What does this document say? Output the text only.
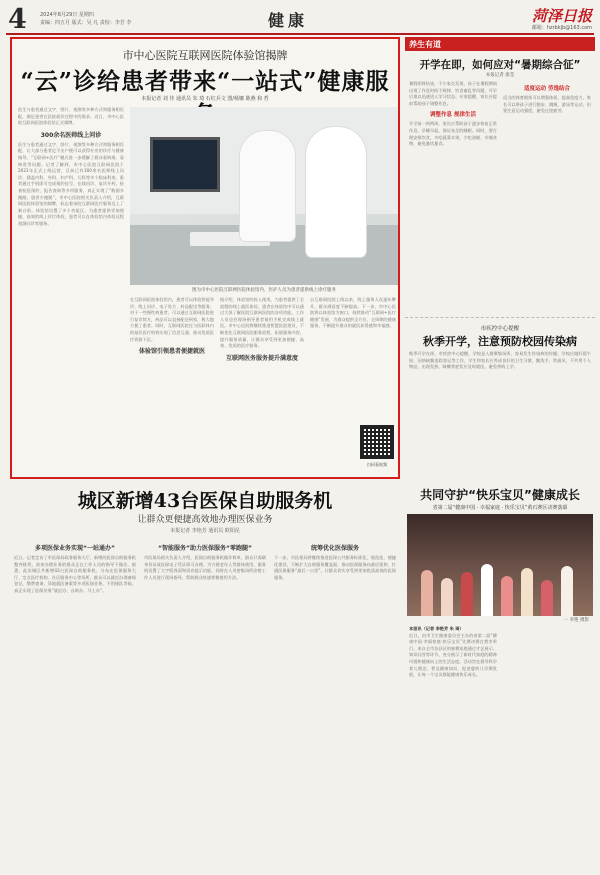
4	2024年8月29日 星期四
责编：四五月 版式：吴 凡 责校：李芳 李	健康	菏泽日报
邮箱：hzrbkjb@163.com
市中心医院互联网医院体验馆揭牌
“云”诊给患者带来“一站式”健康服
本报记者 刘 佳 通讯员 朱 琦 石红兵文 图/杨娜 陈燕 和 哲

医生与患者通过文字、图片、视频等多种方式和服务相匹配，满足患者在医院就诊过程中的需求。近日，市中心医院互联网医院体验馆正式揭牌。

300余名医师线上问诊

医生与患者通过文字、图片、视频等多种方式和服务相匹配，让大部分患者足不出户便可以获得专业的诊疗与健康指导。“互联网+医疗”模式进一步缓解了群众看病难、看病贵等问题。记者了解到，市中心医院互联网医院于2021年正式上线运营，目前已有300余名医师线上问诊，涵盖内科、外科、妇产科、儿科等多个临床科室。患者通过手机即可完成预约挂号、在线问诊、复诊开药、检查检验预约、报告查询等多项服务，真正实现了“数据多跑路，患者少跑腿”。市中心医院相关负责人介绍，互联网医院体验馆的揭牌，标志着该院互联网医疗服务迈上了新台阶。体验馆设置了多个功能区，为患者提供更加便捷、高效的线上诊疗体验，患者可以在体验馆内体验远程视频问诊等服务。

图为市中心医院互联网医院体验馆内，医护人员为患者提供线上诊疗服务

在互联网医院体验馆内，患者可以体验智能导诊、线上问诊、电子处方、药品配送等服务。对于一些慢性病患者，可以通过互联网医院进行复诊续方，药品可以直接配送到家，极大地方便了患者。同时，互联网医院还与医联体内的基层医疗机构实现了信息互通，推动优质医疗资源下沉。

体验馆引领患者便捷就医

据介绍，体验馆的投入使用，为患者提供了全流程的线上就医体验。患者在体验馆中可以通过大屏了解医院互联网医院的各项功能，工作人员也会现场指导患者使用手机完成线上就医。市中心医院将继续推进智慧医院建设，不断优化互联网医院服务流程，拓展服务内容，提升服务质量，让群众享受到更加便捷、高效、优质的医疗服务。

互联网医务服务提升满意度

自互联网医院上线以来，线上服务人次逐年攀升，群众满意度不断提高。下一步，市中心医院将以体验馆为窗口，持续推动“互联网+医疗健康”发展，为群众提供全方位、全周期的健康服务，不断提升群众的就医获得感和幸福感。

扫码看视频
养生有道
开学在即，如何应对“暑期综合征”
本报记者 康莹

暑假即将结束，不少家长发现，孩子在暑假期间出现了作息时间不规律、饮食紊乱等问题，开学后难以迅速进入学习状态。专家提醒，家长应提前帮助孩子调整作息。

调整作息 规律生活

开学前一到两周，家长应帮助孩子逐步恢复正常作息，早睡早起，保证充足的睡眠。同时，要合理安排饮食，多吃蔬菜水果，少吃油腻、辛辣食物，避免暴饮暴食。

适度运动 劳逸结合

适当的体育锻炼可以增强体质，提高免疫力，家长可以带孩子进行跑步、跳绳、游泳等运动，但要注意运动强度，避免过度疲劳。

市疾控中心提醒
秋季开学，注意预防校园传染病

秋季开学在即，市疾控中心提醒，学校是人群聚集场所，容易发生传染病的传播。学校应做好晨午检、因病缺勤追踪登记等工作，学生和家长应养成良好的卫生习惯，勤洗手、常通风、不共用个人物品，出现发热、咳嗽等症状应及时就医，避免带病上学。

城区新增43台医保自助服务机
让群众更便捷高效地办理医保业务
本报记者 李艳芳 通讯员 欧阳昆
多项医保业务实现“一站通办”

近日，记者走访了市医保局政务服务大厅，新增的医保自助服务机整齐排列，前来办理业务的群众正在工作人员的指导下操作。据悉，此次城区共新增43台医保自助服务机，分布在医保服务大厅、定点医疗机构、社区服务中心等场所，群众可以就近办理参保登记、缴费查询、异地就医备案等多项医保业务，不用排队等候，真正实现了医保业务“就近办、自助办、马上办”。

“智能服务”助力医保服务“零跑腿”

市医保局相关负责人介绍，医保自助服务机操作简单，群众只需刷身份证或医保电子凭证即可办理。为方便老年人等群体使用，服务机设置了大字版界面和语音提示功能，同时在人员密集场所安排工作人员进行现场指导，帮助群众快速掌握使用方法。

统筹优化医保服务

下一步，市医保局将继续推进医保公共服务标准化、规范化、便捷化建设，不断扩大自助服务覆盖面，推动医保服务向基层延伸，打通医保服务“最后一公里”，让群众切实享受到更加优质高效的医保服务。

共同守护“快乐宝贝”健康成长
省第二届“健康中国 · 幸福家庭 · 快乐宝贝”黄石赛区决赛落幕
一 李艳 摄影

本报讯（记者 李艳芳 朱 琦）

近日，由市卫生健康委员会主办的省第二届“健康中国·幸福家庭·快乐宝贝”比赛决赛在我市举行。来自全市各县区的参赛家庭通过才艺展示、知识问答等环节，充分展示了新时代家庭的精神风貌和健康向上的生活态度。活动旨在倡导科学育儿理念，普及健康知识，促进婴幼儿早期发展，让每一个宝贝都能健康快乐成长。
